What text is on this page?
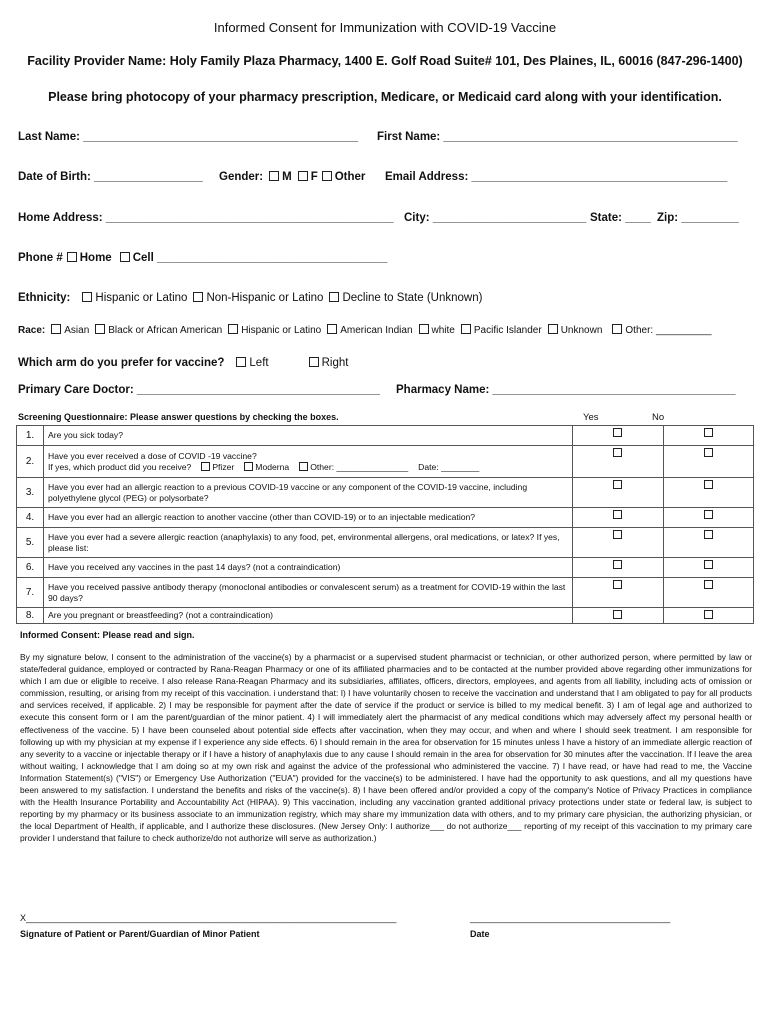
Informed Consent for Immunization with COVID-19 Vaccine
Facility Provider Name: Holy Family Plaza Pharmacy, 1400 E. Golf Road Suite# 101, Des Plaines, IL, 60016 (847-296-1400)
Please bring photocopy of your pharmacy prescription, Medicare, or Medicaid card along with your identification.
Last Name: ___________________________________________ First Name: ______________________________________________
Date of Birth: _________________ Gender: M F Other Email Address: ________________________________________
Home Address: _____________________________________________ City: ________________________ State: ____ Zip: _________
Phone # Home Cell ____________________________________
Ethnicity: Hispanic or Latino Non-Hispanic or Latino Decline to State (Unknown)
Race: Asian Black or African American Hispanic or Latino American Indian white Pacific Islander Unknown Other: __________
Which arm do you prefer for vaccine? Left	Right
Primary Care Doctor: ______________________________________ Pharmacy Name: ______________________________________
Screening Questionnaire: Please answer questions by checking the boxes.	Yes	No
1.	Are you sick today?		
2.	Have you ever received a dose of COVID -19 vaccine?
If yes, which product did you receive? Pfizer Moderna Other: _______________ Date: ________		

3.	Have you ever had an allergic reaction to a previous COVID-19 vaccine or any component of the COVID-19 vaccine, including polyethylene glycol (PEG) or polysorbate?		
4.	Have you ever had an allergic reaction to another vaccine (other than COVID-19) or to an injectable medication?		
5.	Have you ever had a severe allergic reaction (anaphylaxis) to any food, pet, environmental allergens, oral medications, or latex? If yes, please list:		
6.	Have you received any vaccines in the past 14 days? (not a contraindication)		
7.	Have you received passive antibody therapy (monoclonal antibodies or convalescent serum) as a treatment for COVID-19 within the last 90 days?		
8.	Are you pregnant or breastfeeding? (not a contraindication)		
Informed Consent: Please read and sign.
By my signature below, I consent to the administration of the vaccine(s) by a pharmacist or a supervised student pharmacist or technician, or other authorized person, where permitted by law or state/federal guidance, employed or contracted by Rana-Reagan Pharmacy or one of its affiliated pharmacies and to be contacted at the number provided above regarding other immunizations for which I am due or eligible to receive. I also release Rana-Reagan Pharmacy and its subsidiaries, affiliates, officers, directors, employees, and agents from all liability, including acts of omission or commission, resulting, or arising from my receipt of this vaccination. i understand that: I) I have voluntarily chosen to receive the vaccination and understand that I am obligated to pay for all products and services received, if applicable. 2) I may be responsible for payment after the date of service if the product or service is billed to my medical benefit. 3) I am of legal age and authorized to execute this consent form or I am the parent/guardian of the minor patient. 4) I will immediately alert the pharmacist of any medical conditions which may adversely affect my personal health or effectiveness of the vaccine. 5) I have been counseled about potential side effects after vaccination, when they may occur, and when and where I should seek treatment. I am responsible for following up with my physician at my expense if I experience any side effects. 6) I should remain in the area for observation for 15 minutes unless I have a history of an immediate allergic reaction of any severity to a vaccine or injectable therapy or if I have a history of anaphylaxis due to any cause I should remain in the area for observation for 30 minutes after the vaccination. If I leave the area without waiting, I acknowledge that I am doing so at my own risk and against the advice of the professional who administered the vaccine. 7) I have read, or have had read to me, the Vaccine Information Statement(s) ("VIS") or Emergency Use Authorization ("EUA") provided for the vaccine(s) to be administered. I have had the opportunity to ask questions, and all my questions have been answered to my satisfaction. I understand the benefits and risks of the vaccine(s). 8) I have been offered and/or provided a copy of the company's Notice of Privacy Practices in compliance with the Health Insurance Portability and Accountability Act (HIPAA). 9) This vaccination, including any vaccination granted additional privacy protections under state or federal law, is subject to reporting by my pharmacy or its business associate to an immunization registry, which may share my immunization data with others, and to my primary care physician, the authorizing physician, or the local Department of Health, if applicable, and I authorize these disclosures. (New Jersey Only: I authorize___ do not authorize___ reporting of my receipt of this vaccination to my primary care provider I understand that failure to check authorize/do not authorize will serve as authorization.)
X__________________________________________________________________________
Signature of Patient or Parent/Guardian of Minor Patient
________________________________________
Date
